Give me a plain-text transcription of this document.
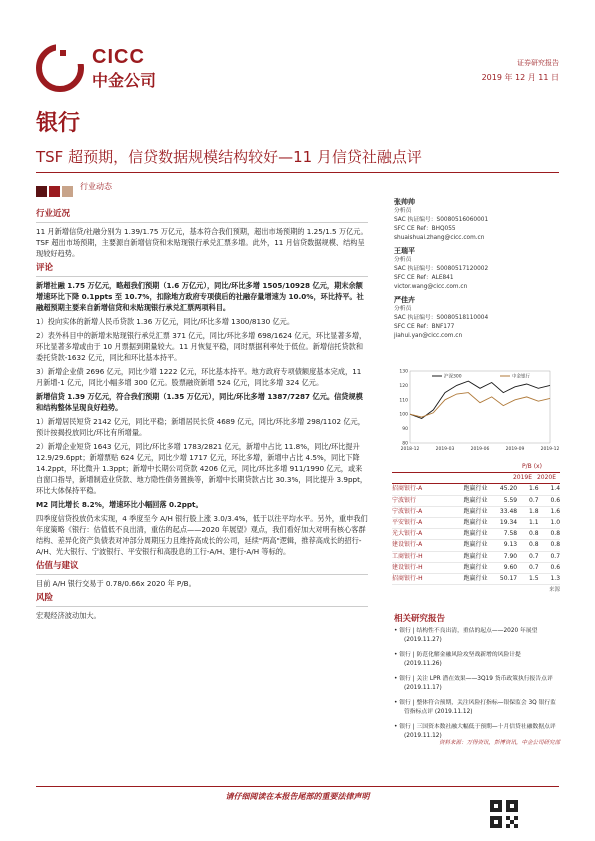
CICC
中金公司
证券研究报告
2019 年 12 月 11 日
银行
TSF 超预期，信贷数据规模结构较好—11 月信贷社融点评
行业动态
行业近况

11 月新增信贷/社融分别为 1.39/1.75 万亿元，基本符合我们预期，超出市场预期的 1.25/1.5 万亿元。TSF 超出市场预期，主要源自新增信贷和未贴现银行承兑汇票多增。此外，11 月信贷数据规模、结构呈现较好趋势。

评论

新增社融 1.75 万亿元，略超我们预期（1.6 万亿元），同比/环比多增 1505/10928 亿元，期末余额增速环比下降 0.1ppts 至 10.7%，扣除地方政府专项债后的社融存量增速为 10.0%，环比持平。社融超预期主要来自新增信贷和未贴现银行承兑汇票两项科目。

1）投向实体的新增人民币贷款 1.36 万亿元，同比/环比多增 1300/8130 亿元。

2）表外科目中的新增未贴现银行承兑汇票 371 亿元，同比/环比多增 698/1624 亿元，环比显著多增，环比显著多增或由于 10 月票据到期量较大。11 月恢复平稳，同时票据利率处于低位。新增信托贷款和委托贷款-1632 亿元，同比和环比基本持平。

3）新增企业债 2696 亿元，同比少增 1222 亿元，环比基本持平。地方政府专项债额度基本完成，11 月新增-1 亿元，同比小幅多增 300 亿元。股票融资新增 524 亿元，同比多增 324 亿元。

新增信贷 1.39 万亿元，符合我们预期（1.35 万亿元），同比/环比多增 1387/7287 亿元。信贷规模和结构整体呈现良好趋势。

1）新增居民短贷 2142 亿元，同比平稳；新增居民长贷 4689 亿元，同比/环比多增 298/1102 亿元，预计按揭投放同比/环比有所增量。

2）新增企业短贷 1643 亿元，同比/环比多增 1783/2821 亿元，新增中占比 11.8%，同比/环比提升 12.9/29.6ppt；新增票贴 624 亿元，同比少增 1717 亿元，环比多增，新增中占比 4.5%，同比下降 14.2ppt，环比微升 1.3ppt；新增中长期公司贷款 4206 亿元，同比/环比多增 911/1990 亿元，或来自窗口指导，新增制造业贷款、地方隐性债务置换等，新增中长期贷款占比 30.3%，同比提升 3.9ppt，环比大体保持平稳。

M2 同比增长 8.2%，增速环比小幅回落 0.2ppt。

四季度信贷投放仍未实现，4 季度至今 A/H 银行股上涨 3.0/3.4%，低于以往平均水平。另外，重申我们年度策略《银行：估值低不良出清，重估的起点——2020 年展望》观点，我们看好加大对明有核心客群结构、差异化资产负债表对冲部分周期压力且维持高成长的公司，延续"两高"逻辑，推荐高成长的招行-A/H、光大银行、宁波银行、平安银行和高股息的工行-A/H、建行-A/H 等标的。

估值与建议

目前 A/H 银行交易于 0.78/0.66x 2020 年 P/B。

风险

宏观经济波动加大。

张帅帅
分析员
SAC 执证编号：S0080516060001
SFC CE Ref：BHQ055
shuaishuai.zhang@cicc.com.cn
王瑞平
分析员
SAC 执证编号：S0080517120002
SFC CE Ref：ALE841
victor.wang@cicc.com.cn
严佳卉
分析员
SAC 执证编号：S0080518110004
SFC CE Ref：BNF177
jiahui.yan@cicc.com.cn
80
90
100
110
120
130
2018-12	2019-03	2019-06	2019-09	2019-12
沪深300	中金银行
P/B (x)
2019E 2020E
招商银行-A	跑赢行业	45.20	1.6	1.4
宁波银行	跑赢行业	5.59	0.7	0.6
宁波银行-A	跑赢行业	33.48	1.8	1.6
平安银行-A	跑赢行业	19.34	1.1	1.0
光大银行-A	跑赢行业	7.58	0.8	0.8
建设银行-A	跑赢行业	9.13	0.8	0.8
工商银行-H	跑赢行业	7.90	0.7	0.7
建设银行-H	跑赢行业	9.60	0.7	0.6
招商银行-H	跑赢行业	50.17	1.5	1.3
来源
相关研究报告
• 银行 | 结构性不良出清，重估的起点——2020 年展望 (2019.11.27)
• 银行 | 防范化解金融风险攻坚战新增的风险计提 (2019.11.26)
• 银行 | 关注 LPR 潜在效果——3Q19 货币政策执行报告点评 (2019.11.17)
• 银行 | 整体符合预期，关注风险打指标—银保监会 3Q 银行监管指标点评 (2019.11.12)
• 银行 | 三国资本数社融大幅低于预期—十月信贷社融数据点评 (2019.11.12)
资料来源：万得资讯，彭博资讯，中金公司研究部
请仔细阅读在本报告尾部的重要法律声明
